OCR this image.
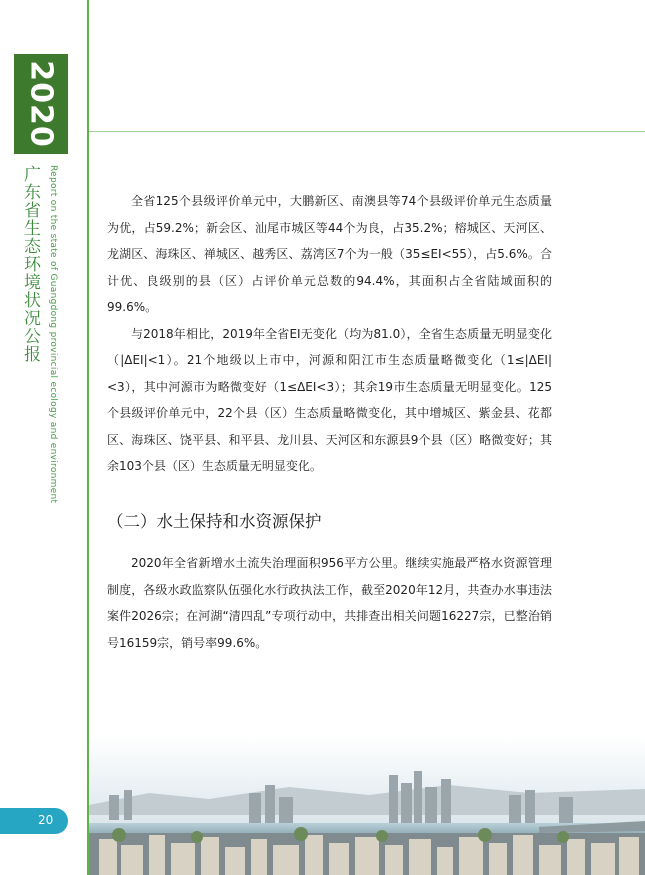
2020
广东省生态环境状况公报 Report on the state of Guangdong provincial ecology and environment	全省125个县级评价单元中，大鹏新区、南澳县等74个县级评价单元生态质量为优，占59.2%；新会区、汕尾市城区等44个为良，占35.2%；榕城区、天河区、龙湖区、海珠区、禅城区、越秀区、荔湾区7个为一般（35≤EI<55），占5.6%。合计优、良级别的县（区）占评价单元总数的94.4%，其面积占全省陆域面积的99.6%。

与2018年相比，2019年全省EI无变化（均为81.0），全省生态质量无明显变化（|ΔEI|<1）。21个地级以上市中，河源和阳江市生态质量略微变化（1≤|ΔEI|<3），其中河源市为略微变好（1≤ΔEI<3）；其余19市生态质量无明显变化。125个县级评价单元中，22个县（区）生态质量略微变化，其中增城区、紫金县、花都区、海珠区、饶平县、和平县、龙川县、天河区和东源县9个县（区）略微变好；其余103个县（区）生态质量无明显变化。

（二）水土保持和水资源保护

2020年全省新增水土流失治理面积956平方公里。继续实施最严格水资源管理制度，各级水政监察队伍强化水行政执法工作，截至2020年12月，共查办水事违法案件2026宗；在河湖“清四乱”专项行动中，共排查出相关问题16227宗，已整治销号16159宗，销号率99.6%。

20
